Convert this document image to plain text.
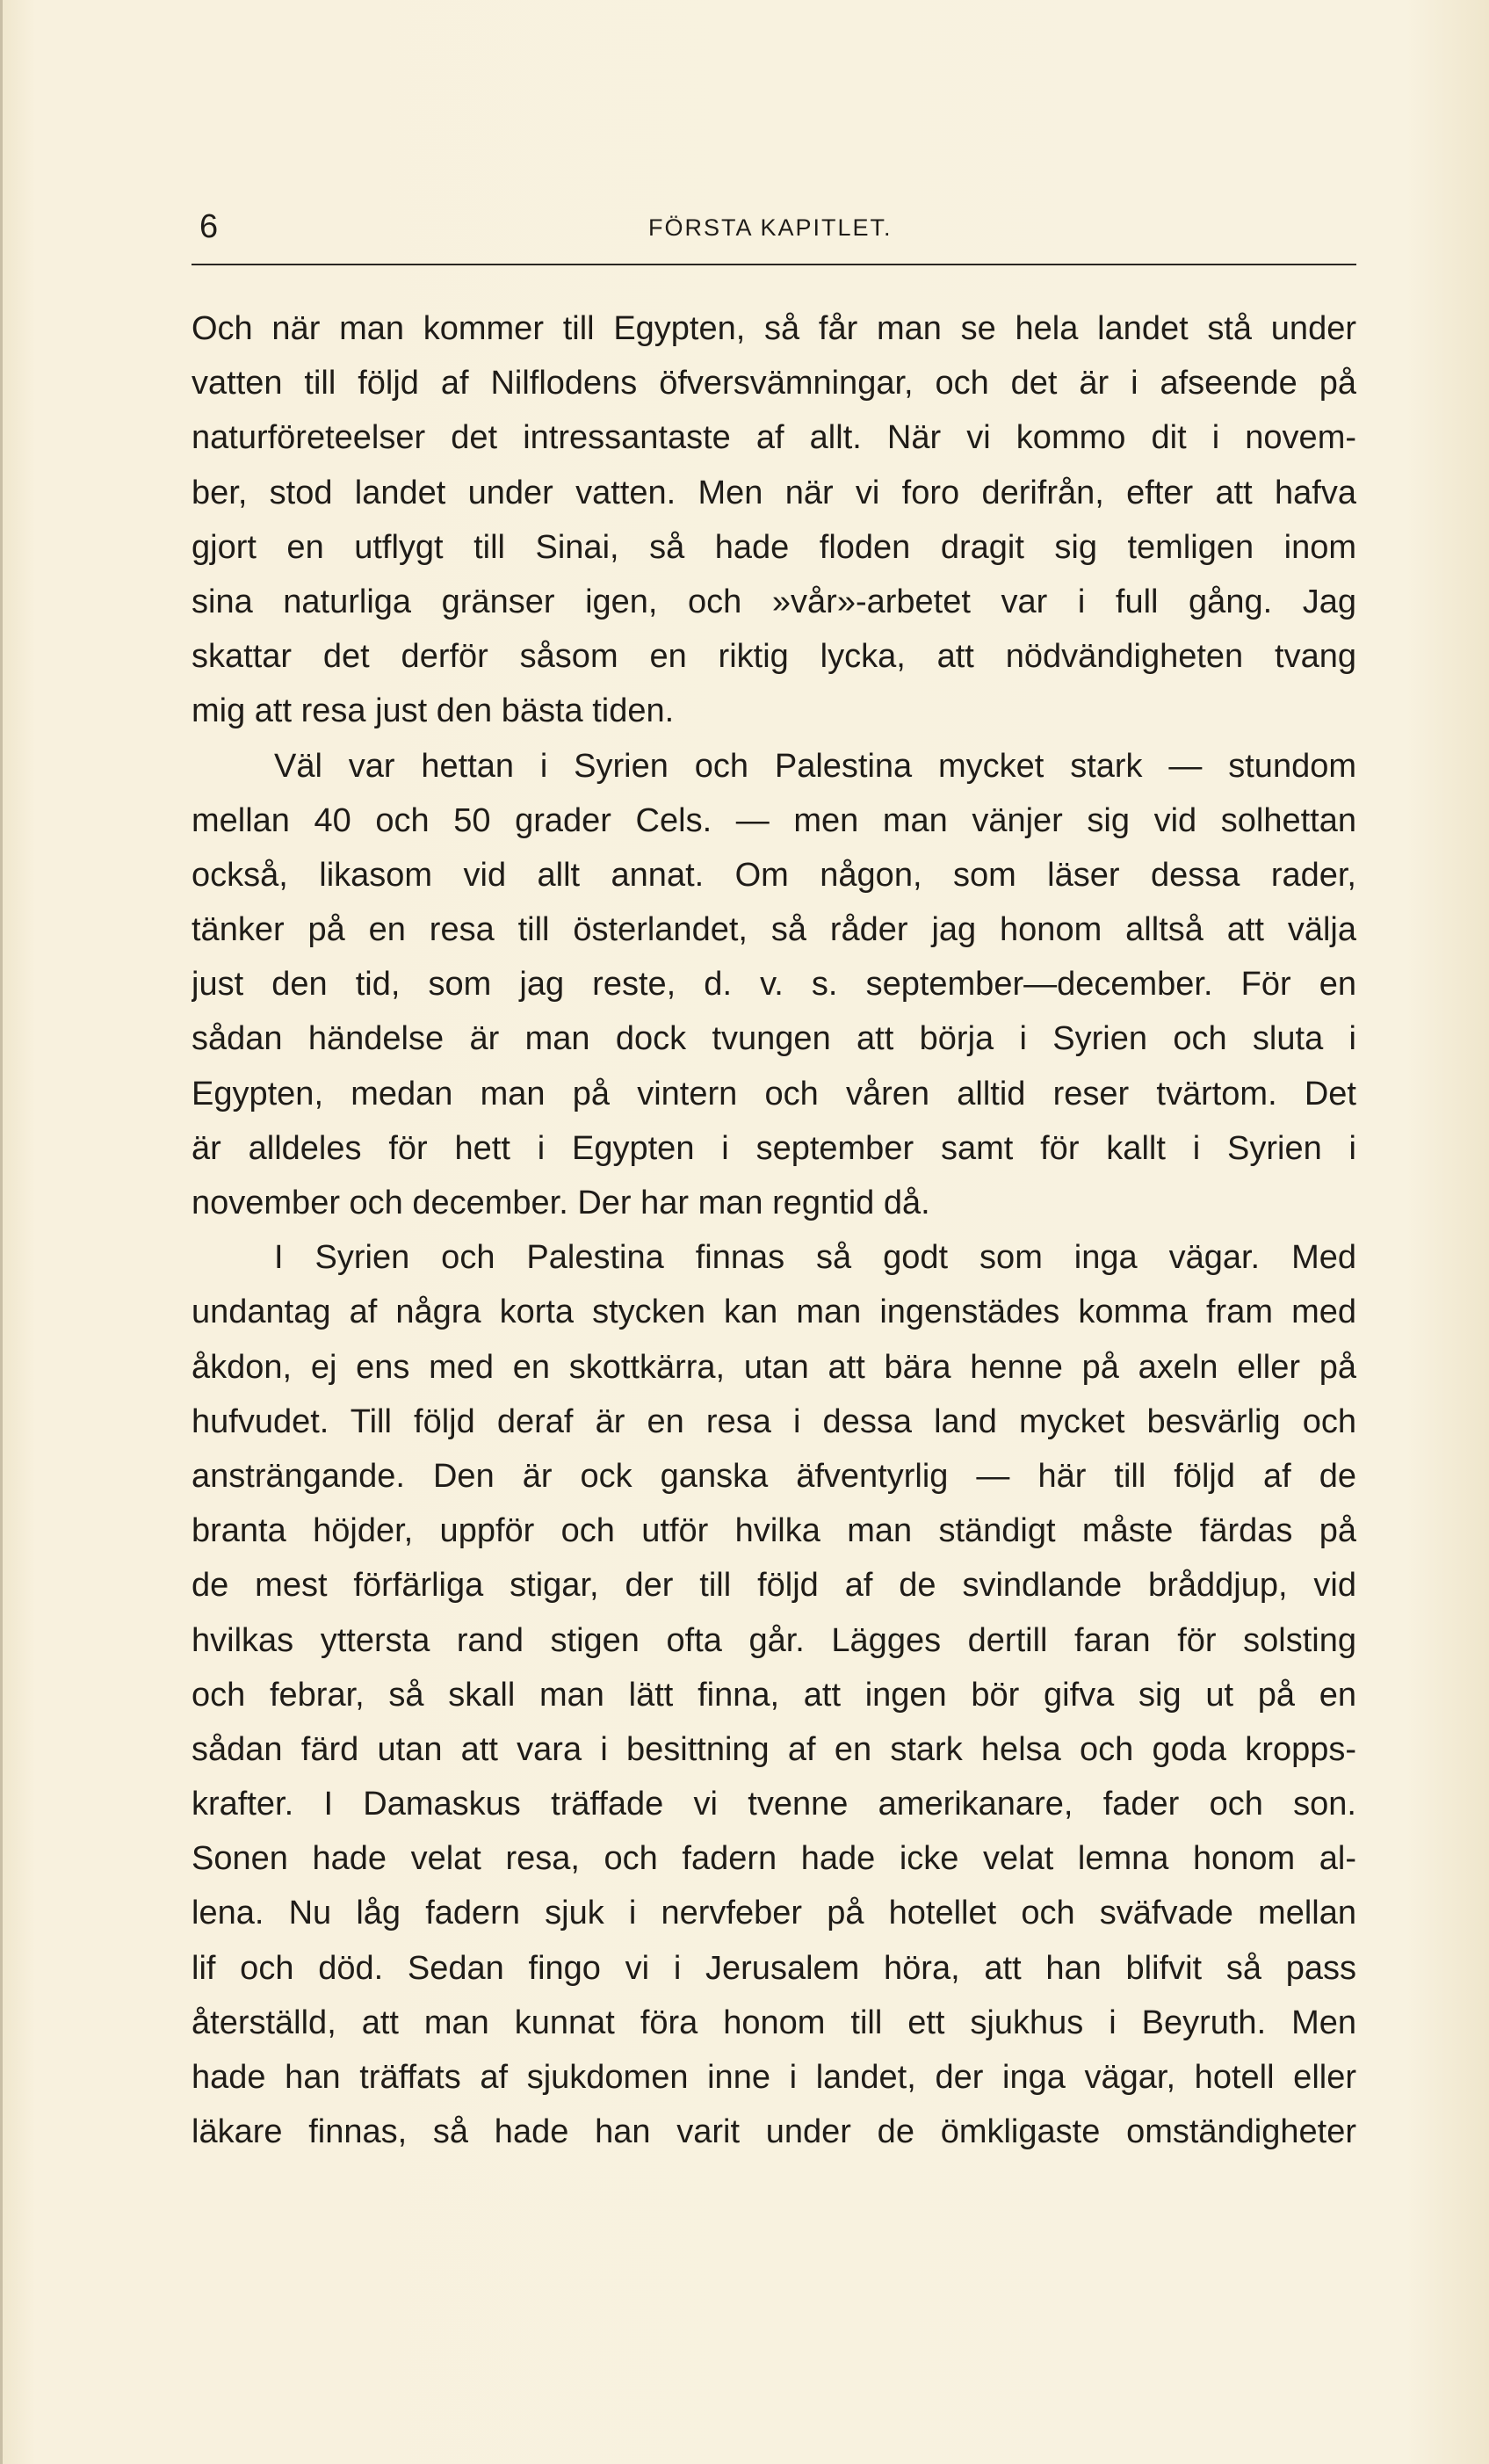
6	FÖRSTA KAPITLET.
Och när man kommer till Egypten, så får man se hela landet stå under
vatten till följd af Nilflodens öfversvämningar, och det är i afseende på
naturföreteelser det intressantaste af allt. När vi kommo dit i novem-
ber, stod landet under vatten. Men när vi foro derifrån, efter att hafva
gjort en utflygt till Sinai, så hade floden dragit sig temligen inom
sina naturliga gränser igen, och »vår»-arbetet var i full gång. Jag
skattar det derför såsom en riktig lycka, att nödvändigheten tvang
mig att resa just den bästa tiden.
Väl var hettan i Syrien och Palestina mycket stark — stundom
mellan 40 och 50 grader Cels. — men man vänjer sig vid solhettan
också, likasom vid allt annat. Om någon, som läser dessa rader,
tänker på en resa till österlandet, så råder jag honom alltså att välja
just den tid, som jag reste, d. v. s. september—december. För en
sådan händelse är man dock tvungen att börja i Syrien och sluta i
Egypten, medan man på vintern och våren alltid reser tvärtom. Det
är alldeles för hett i Egypten i september samt för kallt i Syrien i
november och december. Der har man regntid då.
I Syrien och Palestina finnas så godt som inga vägar. Med
undantag af några korta stycken kan man ingenstädes komma fram med
åkdon, ej ens med en skottkärra, utan att bära henne på axeln eller på
hufvudet. Till följd deraf är en resa i dessa land mycket besvärlig och
ansträngande. Den är ock ganska äfventyrlig — här till följd af de
branta höjder, uppför och utför hvilka man ständigt måste färdas på
de mest förfärliga stigar, der till följd af de svindlande bråddjup, vid
hvilkas yttersta rand stigen ofta går. Lägges dertill faran för solsting
och febrar, så skall man lätt finna, att ingen bör gifva sig ut på en
sådan färd utan att vara i besittning af en stark helsa och goda kropps-
krafter. I Damaskus träffade vi tvenne amerikanare, fader och son.
Sonen hade velat resa, och fadern hade icke velat lemna honom al-
lena. Nu låg fadern sjuk i nervfeber på hotellet och sväfvade mellan
lif och död. Sedan fingo vi i Jerusalem höra, att han blifvit så pass
återställd, att man kunnat föra honom till ett sjukhus i Beyruth. Men
hade han träffats af sjukdomen inne i landet, der inga vägar, hotell eller
läkare finnas, så hade han varit under de ömkligaste omständigheter
